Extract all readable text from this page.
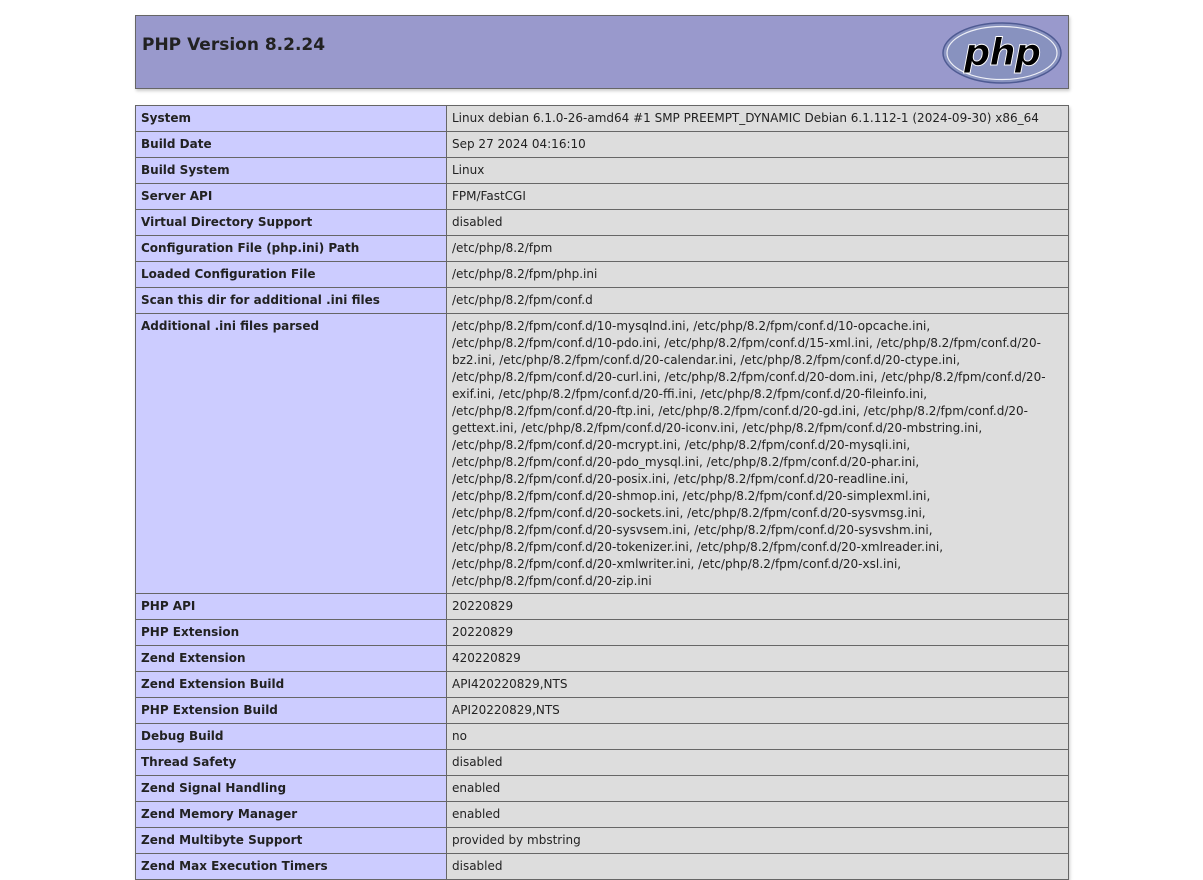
PHP Version 8.2.24	php
System	Linux debian 6.1.0-26-amd64 #1 SMP PREEMPT_DYNAMIC Debian 6.1.112-1 (2024-09-30) x86_64
Build Date	Sep 27 2024 04:16:10
Build System	Linux
Server API	FPM/FastCGI
Virtual Directory Support	disabled
Configuration File (php.ini) Path	/etc/php/8.2/fpm
Loaded Configuration File	/etc/php/8.2/fpm/php.ini
Scan this dir for additional .ini files	/etc/php/8.2/fpm/conf.d
Additional .ini files parsed	/etc/php/8.2/fpm/conf.d/10-mysqlnd.ini, /etc/php/8.2/fpm/conf.d/10-opcache.ini, /etc/php/8.2/fpm/conf.d/10-pdo.ini, /etc/php/8.2/fpm/conf.d/15-xml.ini, /etc/php/8.2/fpm/conf.d/20-bz2.ini, /etc/php/8.2/fpm/conf.d/20-calendar.ini, /etc/php/8.2/fpm/conf.d/20-ctype.ini, /etc/php/8.2/fpm/conf.d/20-curl.ini, /etc/php/8.2/fpm/conf.d/20-dom.ini, /etc/php/8.2/fpm/conf.d/20-exif.ini, /etc/php/8.2/fpm/conf.d/20-ffi.ini, /etc/php/8.2/fpm/conf.d/20-fileinfo.ini, /etc/php/8.2/fpm/conf.d/20-ftp.ini, /etc/php/8.2/fpm/conf.d/20-gd.ini, /etc/php/8.2/fpm/conf.d/20-gettext.ini, /etc/php/8.2/fpm/conf.d/20-iconv.ini, /etc/php/8.2/fpm/conf.d/20-mbstring.ini, /etc/php/8.2/fpm/conf.d/20-mcrypt.ini, /etc/php/8.2/fpm/conf.d/20-mysqli.ini, /etc/php/8.2/fpm/conf.d/20-pdo_mysql.ini, /etc/php/8.2/fpm/conf.d/20-phar.ini, /etc/php/8.2/fpm/conf.d/20-posix.ini, /etc/php/8.2/fpm/conf.d/20-readline.ini, /etc/php/8.2/fpm/conf.d/20-shmop.ini, /etc/php/8.2/fpm/conf.d/20-simplexml.ini, /etc/php/8.2/fpm/conf.d/20-sockets.ini, /etc/php/8.2/fpm/conf.d/20-sysvmsg.ini, /etc/php/8.2/fpm/conf.d/20-sysvsem.ini, /etc/php/8.2/fpm/conf.d/20-sysvshm.ini, /etc/php/8.2/fpm/conf.d/20-tokenizer.ini, /etc/php/8.2/fpm/conf.d/20-xmlreader.ini, /etc/php/8.2/fpm/conf.d/20-xmlwriter.ini, /etc/php/8.2/fpm/conf.d/20-xsl.ini, /etc/php/8.2/fpm/conf.d/20-zip.ini
PHP API	20220829
PHP Extension	20220829
Zend Extension	420220829
Zend Extension Build	API420220829,NTS
PHP Extension Build	API20220829,NTS
Debug Build	no
Thread Safety	disabled
Zend Signal Handling	enabled
Zend Memory Manager	enabled
Zend Multibyte Support	provided by mbstring
Zend Max Execution Timers	disabled
